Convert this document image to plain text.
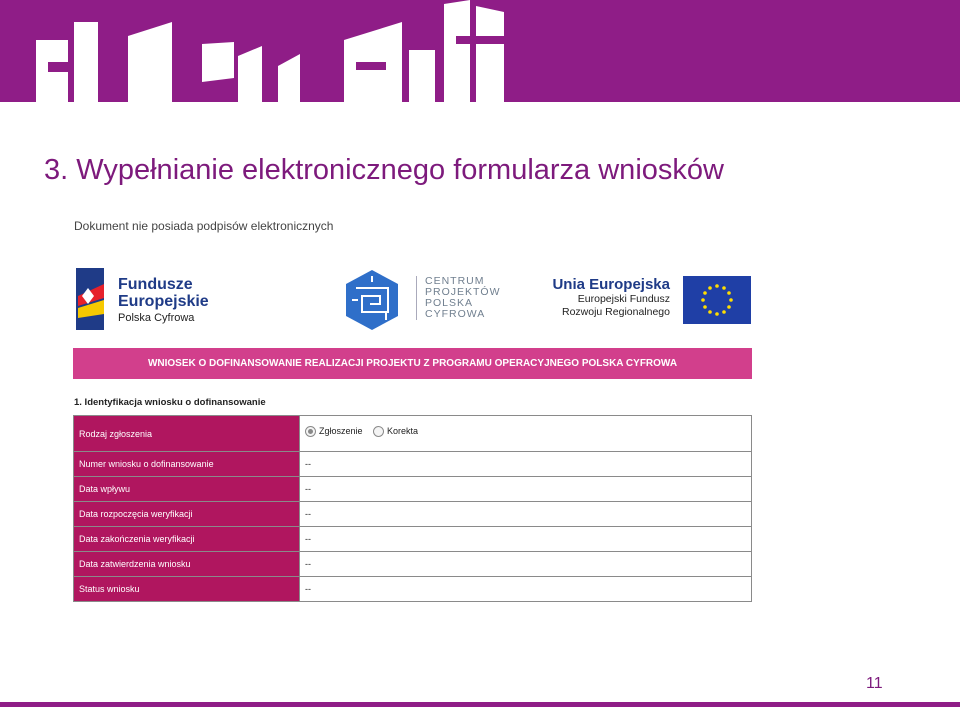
3. Wypełnianie elektronicznego formularza wniosków
Dokument nie posiada podpisów elektronicznych
Fundusze
Europejskie
Polska Cyfrowa
CENTRUM
PROJEKTÓW
POLSKA
CYFROWA
Unia Europejska
Europejski Fundusz
Rozwoju Regionalnego
WNIOSEK O DOFINANSOWANIE REALIZACJI PROJEKTU Z PROGRAMU OPERACYJNEGO POLSKA CYFROWA
1. Identyfikacja wniosku o dofinansowanie
Rodzaj zgłoszenia	Zgłoszenie Korekta
Numer wniosku o dofinansowanie	--
Data wpływu	--
Data rozpoczęcia weryfikacji	--
Data zakończenia weryfikacji	--
Data zatwierdzenia wniosku	--
Status wniosku	--
11
